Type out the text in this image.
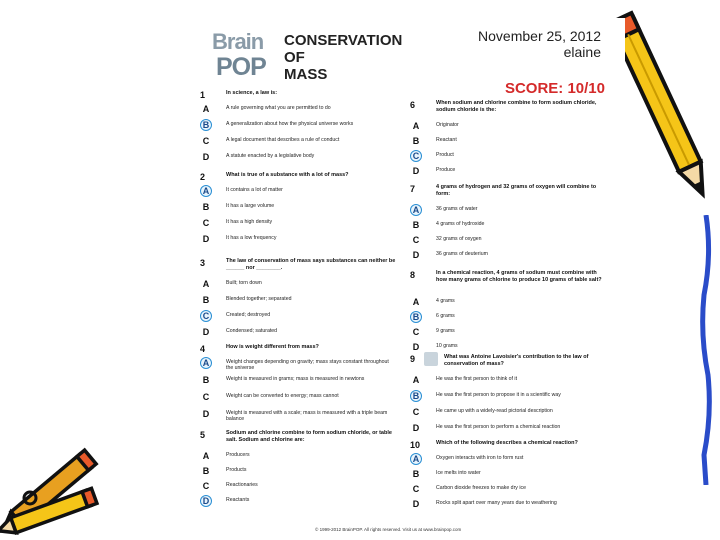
Brain
POP
CONSERVATION OF
MASS
November 25, 2012
elaine
SCORE: 10/10
1	In science, a law is:
A	A rule governing what you are permitted to do
B	A generalization about how the physical universe works
C	A legal document that describes a rule of conduct
D	A statute enacted by a legislative body
2	What is true of a substance with a lot of mass?
A	It contains a lot of matter
B	It has a large volume
C	It has a high density
D	It has a low frequency
3	The law of conservation of mass says substances can neither be ______ nor ________.
A	Built; torn down
B	Blended together; separated
C	Created; destroyed
D	Condensed; saturated
4	How is weight different from mass?
A	Weight changes depending on gravity; mass stays constant throughout the universe
B	Weight is measured in grams; mass is measured in newtons
C	Weight can be converted to energy; mass cannot
D	Weight is measured with a scale; mass is measured with a triple beam balance
5	Sodium and chlorine combine to form sodium chloride, or table salt. Sodium and chlorine are:
A	Producers
B	Products
C	Reactionaries
D	Reactants
6	When sodium and chlorine combine to form sodium chloride, sodium chloride is the:
A	Originator
B	Reactant
C	Product
D	Produce
7	4 grams of hydrogen and 32 grams of oxygen will combine to form:
A	36 grams of water
B	4 grams of hydroxide
C	32 grams of oxygen
D	36 grams of deuterium
8	In a chemical reaction, 4 grams of sodium must combine with how many grams of chlorine to produce 10 grams of table salt?
A	4 grams
B	6 grams
C	9 grams
D	10 grams
9	What was Antoine Lavoisier's contribution to the law of conservation of mass?
A	He was the first person to think of it
B	He was the first person to propose it in a scientific way
C	He came up with a widely-read pictorial description
D	He was the first person to perform a chemical reaction
10	Which of the following describes a chemical reaction?
A	Oxygen interacts with iron to form rust
B	Ice melts into water
C	Carbon dioxide freezes to make dry ice
D	Rocks split apart over many years due to weathering
© 1999-2012 BrainPOP. All rights reserved. Visit us at www.brainpop.com
